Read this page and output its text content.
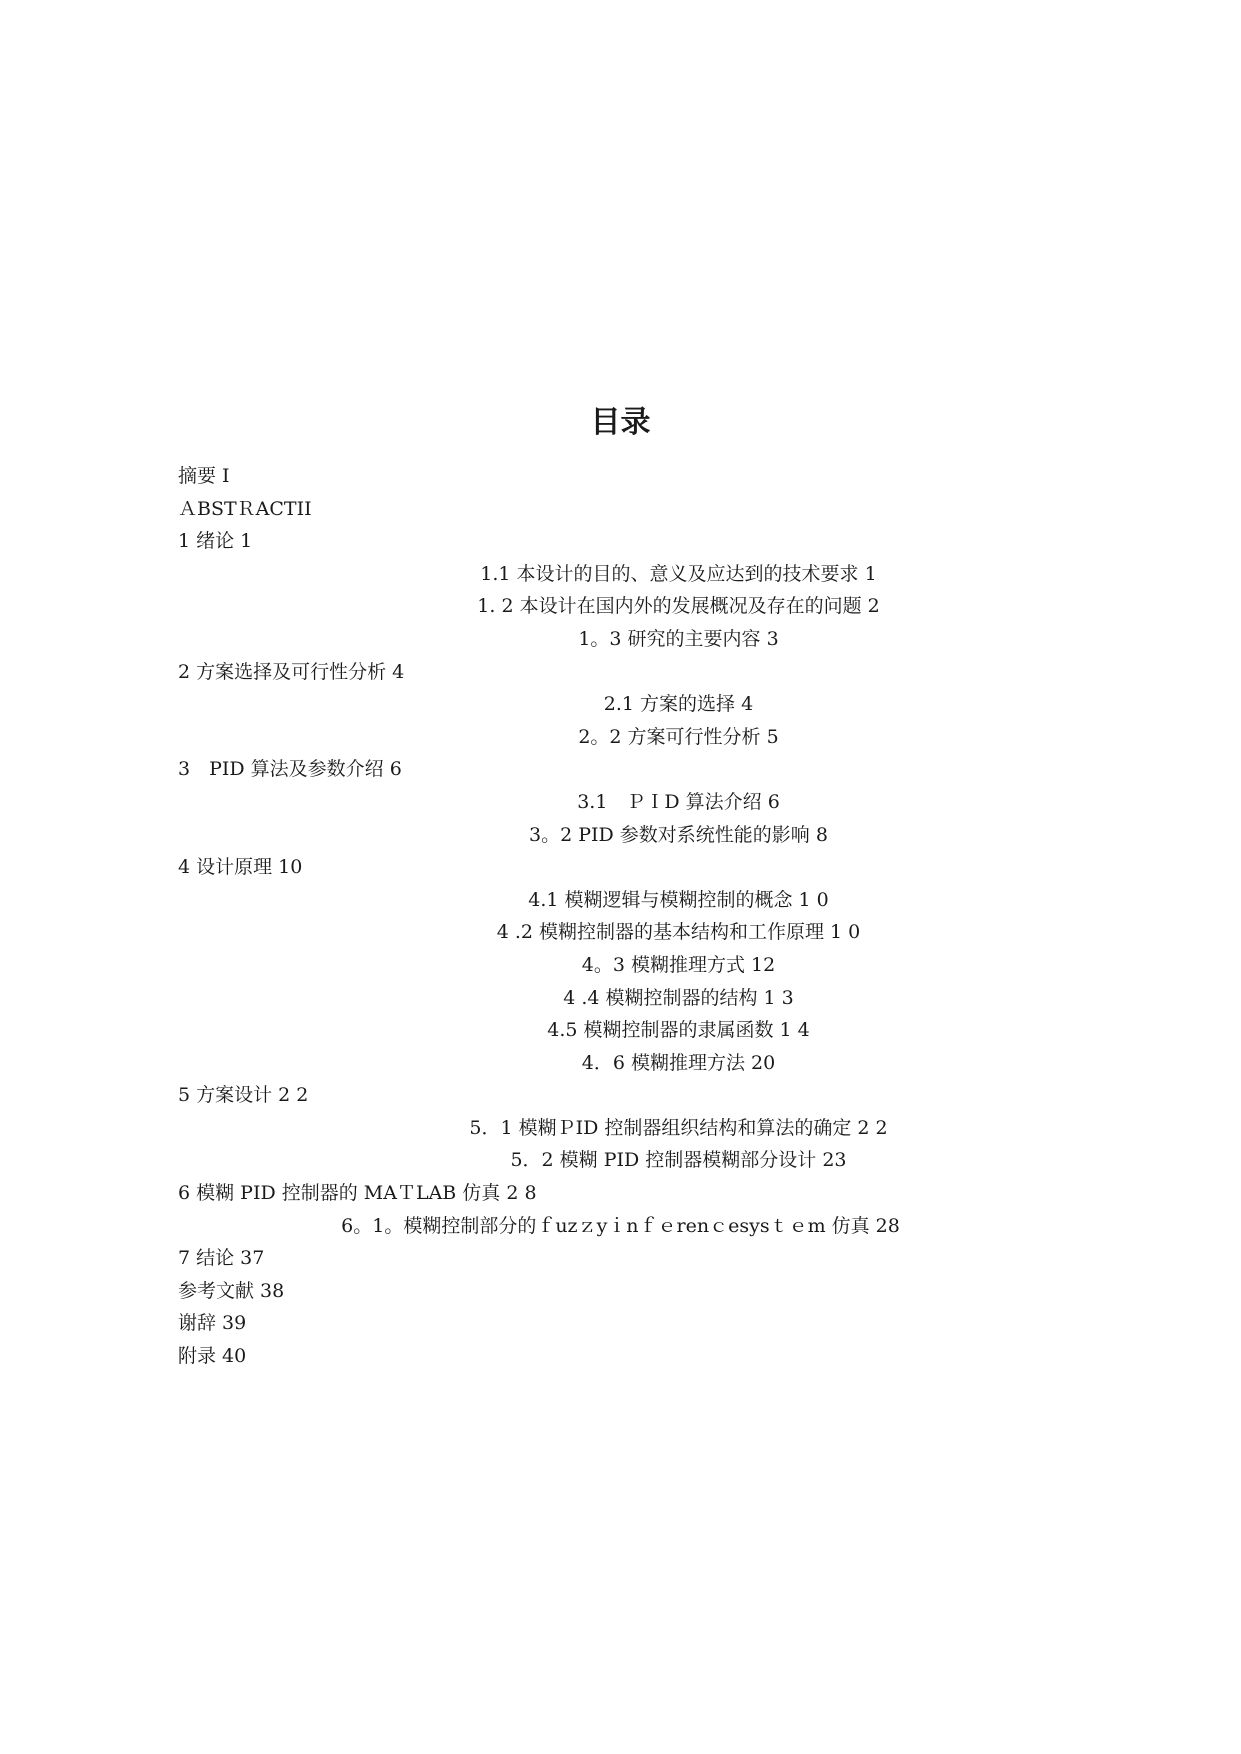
目录
摘要 I
ＡBSTＲACTII
1 绪论 1
1.1 本设计的目的、意义及应达到的技术要求 1
1. 2 本设计在国内外的发展概况及存在的问题 2
1。3 研究的主要内容 3
2 方案选择及可行性分析 4
2.1 方案的选择 4
2。2 方案可行性分析 5
3　PID 算法及参数介绍 6
3.1　ＰＩD 算法介绍 6
3。2 PID 参数对系统性能的影响 8
4 设计原理 10
4.1 模糊逻辑与模糊控制的概念 1 0
4 .2 模糊控制器的基本结构和工作原理 1 0
4。3 模糊推理方式 12
4 .4 模糊控制器的结构 1 3
4.5 模糊控制器的隶属函数 1 4
4．6 模糊推理方法 20
5 方案设计 2 2
5．1 模糊ＰID 控制器组织结构和算法的确定 2 2
5．2 模糊 PID 控制器模糊部分设计 23
6 模糊 PID 控制器的 MAＴLAB 仿真 2 8
6。1。模糊控制部分的ｆuzｚyｉnｆｅrenｃesysｔｅm 仿真 28
7 结论 37
参考文献 38
谢辞 39
附录 40
